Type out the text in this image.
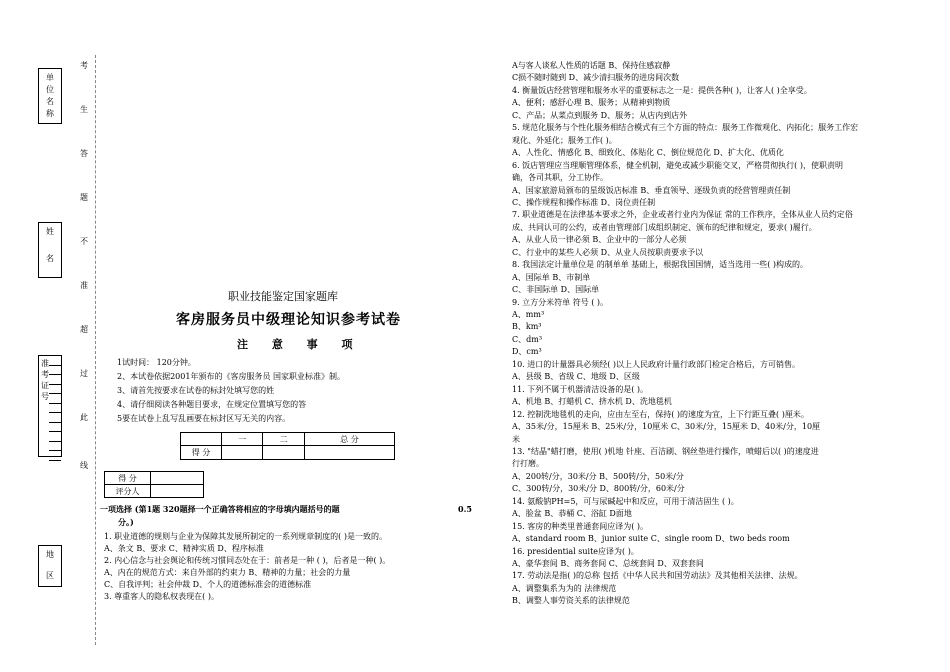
单
位
名
称
姓
名
准
考
证
号
地
区
考
生
答
题
不
准
超
过
此
线
职业技能鉴定国家题库
客房服务员中级理论知识参考试卷
注 意 事 项
1试时间： 120分钟。
2、本试卷依据2001年颁布的《客房服务员 国家职业标准》制。
3、请首先按要求在试卷的标封处填写您的姓
4、请仔细阅读各种题目要求，在规定位置填写您的答
5要在试卷上乱写乱画要在标封区写无关的内容。
	一	二	总 分
得 分			
得 分	
评分人	
一项选择 (第1题 320题择一个正确答将相应的字母填内题括号的题	0.5
分。)
1. 职业道德的规则与企业为保障其发展所制定的一系列规章制度的( )是一致的。
A、条文 B、要求 C、精神实质 D、程序标准
2. 内心信念与社会舆论和传统习惯同态处在于：前者是一种 ( )，后者是一种( )。
A、内在的规范方式：来自外部的约束力 B、精神的力量；社会的力量
C、自我评判；社会仲裁 D、个人的道德标准会的道德标准
3. 尊重客人的隐私权表现在( )。
A与客人谈私人性质的话题 B、保持住感寂静
C损不随时随到 D、减少清扫服务的进房间次数
4. 衡量饭店经营管理和服务水平的重要标志之一是：提供各种( )，让客人( )全享受。
A、便利；感舒心理 B、服务；从精神到物质
C、产品；从菜点到服务 D、服务；从店内到店外
5. 规范化服务与个性化服务相结合模式有三个方面的特点：服务工作微观化、内拓化；服务工作宏
观化、外延化；服务工作( )。
A、人性化、情感化 B、细致化、体贴化 C、倒位规范化 D、扩大化、优质化
6. 饭店管理应当理顺管理体系，健全机制，避免或减少职能交叉，严格贯彻执行( )，使职责明
确，各司其职，分工协作。
A、国家旅游局颁布的星级饭店标准 B、垂直领导、逐级负责的经营管理责任制
C、操作规程和操作标准 D、岗位责任制
7. 职业道德是在法律基本要求之外，企业或者行业内为保证 常的工作秩序，全体从业人员约定俗
成、共同认可的公约，或者由管理部门成组织制定、颁布的纪律和规定，要求( )履行。
A、从业人员一律必须 B、企业中的一部分人必须
C、行业中的某些人必须 D、从业人员按职责要求予以
8. 我国法定计量单位是 的制单单 基础上，根据我国国情，适当选用一些( )构成的。
A、国际单 B、市制单
C、非国际单 D、国际单
9. 立方分米符单 符号 ( )。
A、mm³
B、km³
C、dm³
D、cm³
10. 进口的计量器具必须经( )以上人民政府计量行政部门检定合格后，方可销售。
A、县级 B、省级 C、地级 D、区级
11. 下列不属于机器清洁设备的是( )。
A、机地 B、打蜡机 C、挤水机 D、洗地毯机
12. 控制洗地毯机的走向，应由左至右，保持( )的速度为宜，上下行距互叠( )厘米。
A、35米/分，15厘米 B、25米/分，10厘米 C、30米/分，15厘米 D、40米/分，10厘
米
13. "结晶"蜡打磨，使用( )机地 针座、百洁刷、钢丝垫进行操作，喷蜡后以( )的速度进
行打磨。
A、200转/分，30米/分 B、500转/分，50米/分
C、300转/分，30米/分 D、800转/分，60米/分
14. 氨酸钠PH=5，可与尿碱起中和反应，可用于清洁固生 ( )。
A、脸盆 B、恭桶 C、浴缸 D面地
15. 客房的种类里普通套间应译为( )。
A、standard room B、junior suite C、single room D、two beds room
16. presidential suite应译为( )。
A、豪华套间 B、商务套间 C、总统套间 D、双套套间
17. 劳动法是指( )的总称 包括《中华人民共和国劳动法》及其他相关法律、法规。
A、调整集系为为的 法律规范
B、调整人事劳资关系的法律规范
